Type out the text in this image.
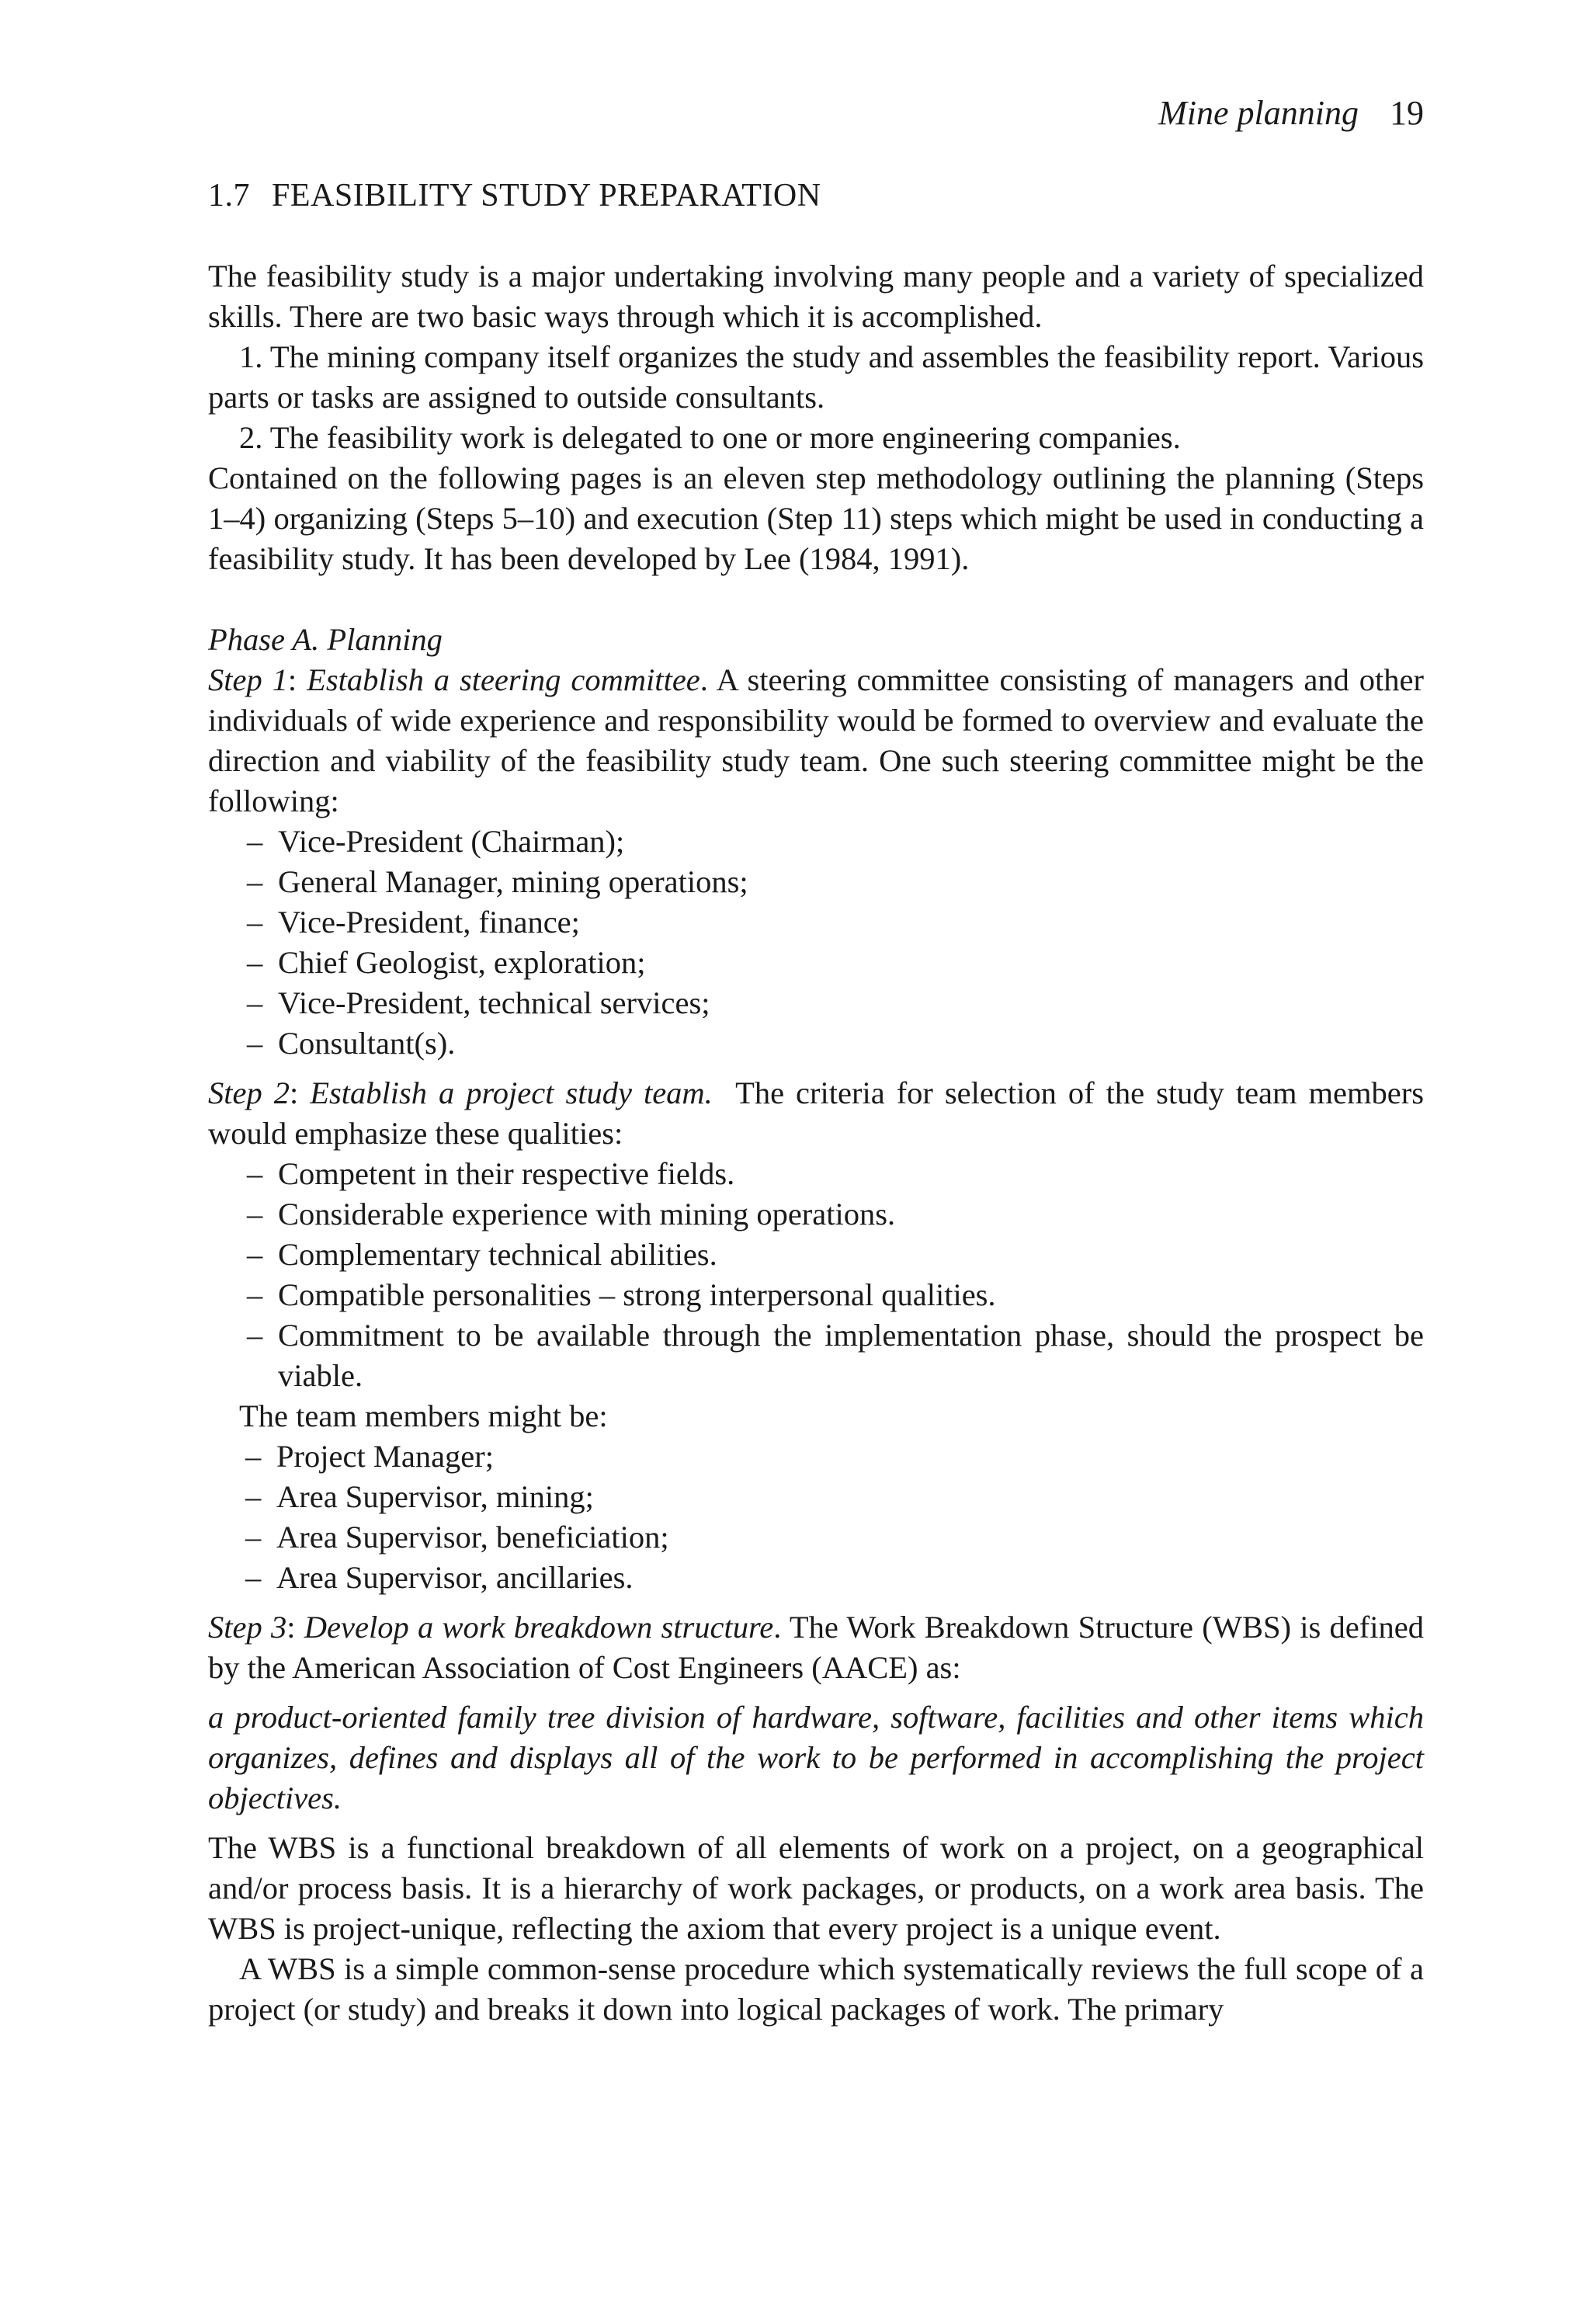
Mine planning 19
1.7 FEASIBILITY STUDY PREPARATION

The feasibility study is a major undertaking involving many people and a variety of specialized skills. There are two basic ways through which it is accomplished.

1. The mining company itself organizes the study and assembles the feasibility report. Various parts or tasks are assigned to outside consultants.

2. The feasibility work is delegated to one or more engineering companies.

Contained on the following pages is an eleven step methodology outlining the planning (Steps 1–4) organizing (Steps 5–10) and execution (Step 11) steps which might be used in conducting a feasibility study. It has been developed by Lee (1984, 1991).

Phase A. Planning

Step 1: Establish a steering committee. A steering committee consisting of managers and other individuals of wide experience and responsibility would be formed to overview and evaluate the direction and viability of the feasibility study team. One such steering committee might be the following:

– Vice-President (Chairman);
– General Manager, mining operations;
– Vice-President, finance;
– Chief Geologist, exploration;
– Vice-President, technical services;
– Consultant(s).

Step 2: Establish a project study team. The criteria for selection of the study team members would emphasize these qualities:

– Competent in their respective fields.
– Considerable experience with mining operations.
– Complementary technical abilities.
– Compatible personalities – strong interpersonal qualities.
– Commitment to be available through the implementation phase, should the prospect be viable.

The team members might be:

– Project Manager;
– Area Supervisor, mining;
– Area Supervisor, beneficiation;
– Area Supervisor, ancillaries.

Step 3: Develop a work breakdown structure. The Work Breakdown Structure (WBS) is defined by the American Association of Cost Engineers (AACE) as:

a product-oriented family tree division of hardware, software, facilities and other items which organizes, defines and displays all of the work to be performed in accomplishing the project objectives.

The WBS is a functional breakdown of all elements of work on a project, on a geographical and/or process basis. It is a hierarchy of work packages, or products, on a work area basis. The WBS is project-unique, reflecting the axiom that every project is a unique event.

A WBS is a simple common-sense procedure which systematically reviews the full scope of a project (or study) and breaks it down into logical packages of work. The primary
